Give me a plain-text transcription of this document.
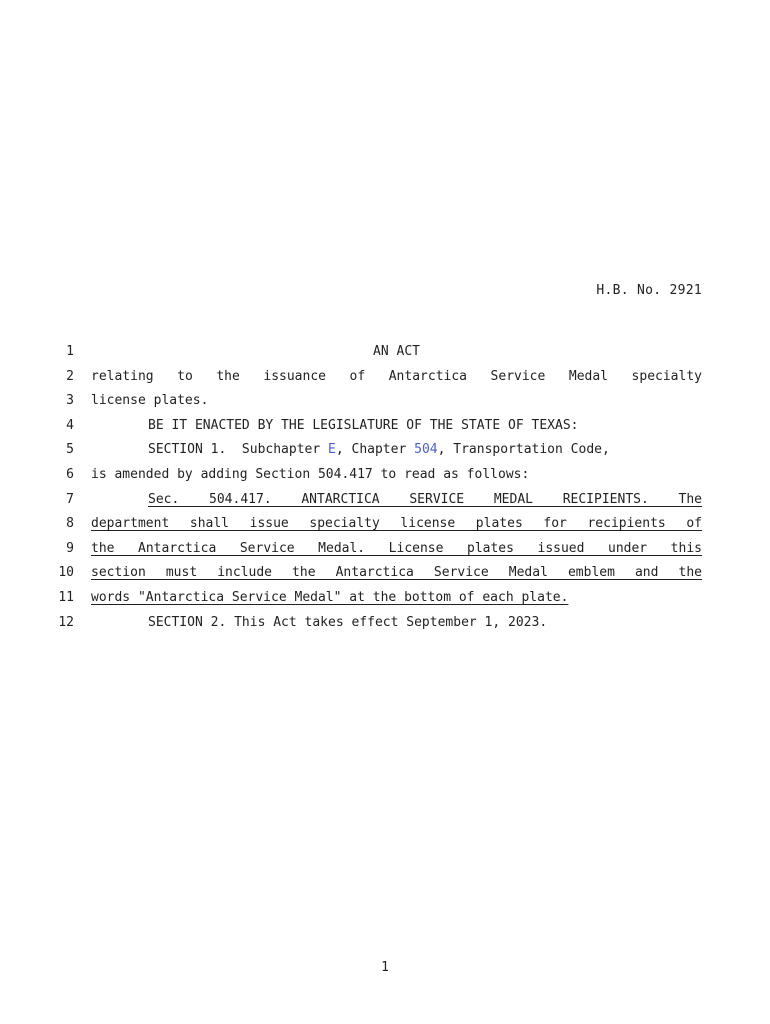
H.B. No. 2921
1	AN ACT
2 relating to the issuance of Antarctica Service Medal specialty
3 license plates.
4	BE IT ENACTED BY THE LEGISLATURE OF THE STATE OF TEXAS:
5	SECTION 1.  Subchapter E, Chapter 504, Transportation Code,
6 is amended by adding Section 504.417 to read as follows:
7	Sec. 504.417. ANTARCTICA SERVICE MEDAL RECIPIENTS. The
8 department shall issue specialty license plates for recipients of
9 the Antarctica Service Medal. License plates issued under this
10 section must include the Antarctica Service Medal emblem and the
11 words "Antarctica Service Medal" at the bottom of each plate.
12	SECTION 2. This Act takes effect September 1, 2023.
1
